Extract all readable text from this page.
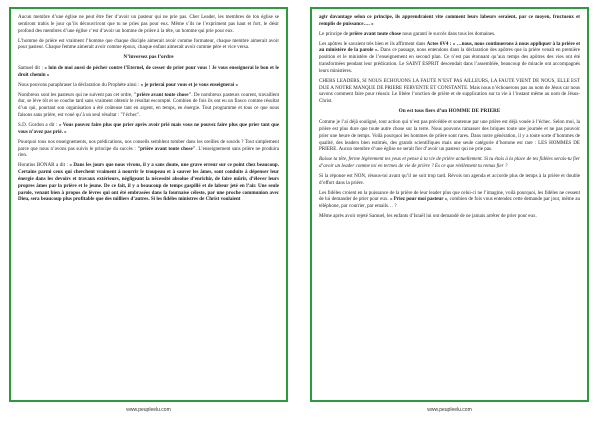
Aucun membre d’une église ne peut être fier d’avoir un pasteur qui ne prie pas. Cher Leader, les membres de ton église se sentiront trahis le jour qu’ils découvriront que tu ne pries pas pour eux. Même s’ils ne l’expriment pas haut et fort, le désir profond des membres d’une église c’est d’avoir un homme de prière à la tête, un homme qui prie pour eux.

L’homme de prière est vraiment l’homme que chaque disciple aimerait avoir comme formateur, chaque membre aimerait avoir pour pasteur. Chaque femme aimerait avoir comme époux, chaque enfant aimerait avoir comme père et vice versa.

N’inversez pas l’ordre

Samuel dit : « loin de moi aussi de pécher contre l’Eternel, de cesser de prier pour vous ! Je vous enseignerai le bon et le droit chemin »

Nous pouvons paraphraser la déclaration du Prophète ainsi : « je prierai pour vous et je vous enseignerai »

Nombreux sont les pasteurs qui ne suivent pas cet ordre, "prière avant toute chose". De nombreux pasteurs courent, travaillent dur, se lève tôt et se couche tard sans vraiment obtenir le résultat escompté. Combien de fois ils ont eu un fiasco comme résultat d’un qui, pourtant son organisation a été coûteuse tant en argent, en temps, en énergie. Tout programme et tous ce que nous faisons sans prière, est voué qu’à un seul résultat : "l’échec".

S.D. Gordon a dit : « Vous pouvez faire plus que prier après avoir prié mais vous ne pouvez faire plus que prier tant que vous n’avez pas prié. »

Pourquoi tous nos enseignements, nos prédications, nos conseils semblent tomber dans les oreilles de sourds ? Tout simplement parce que nous n’avons pas suivis le principe du succès : "prière avant toute chose". L’enseignement sans prière ne produira rien.

Horatius BONAR a dit : « Dans les jours que nous vivons, il y a sans doute, une grave erreur sur ce point chez beaucoup. Certains parmi ceux qui cherchent vraiment à nourrir le troupeau et à sauver les âmes, sont conduits à dépenser leur énergie dans les devoirs et travaux extérieurs, négligeant la nécessité absolue d’enrichir, de faire mûrir, d’élever leurs propres âmes par la prière et le jeune. De ce fait, il y a beaucoup de temps gaspillé et de labeur jeté en l’air. Une seule parole, venant bien à propos de lèvres qui ont été embrasées dans la fournaise céleste, par une proche communion avec Dieu, sera beaucoup plus profitable que des milliers d’autres. Si les fidèles ministres de Christ voulaient

agir davantage selon ce principe, ils apprendraient vite comment leurs labeurs seraient, par ce moyen, fructueux et remplis de puissance…. »

Le principe de prière avant toute chose nous garanti le succès dans tous les domaines.

Les apôtres le savaient très bien et ils affirment dans Actes 6V4 : « …nous, nous continuerons à nous appliquer à la prière et au ministère de la parole ». Dans ce passage, nous entendons dans la déclaration des apôtres que la prière venait en première position et le ministère de l’enseignement en second plan. Ce n’est pas étonnant qu’aux temps des apôtres des vies ont été transformées pendant leur prédication. Le SAINT ESPRIT descendait dans l’assemblée, beaucoup de miracle ont accompagnés leurs ministères.

CHERS LEADERS, SI NOUS ECHOUONS LA FAUTE N’EST PAS AILLEURS, LA FAUTE VIENT DE NOUS, ELLE EST DUE A NOTRE MANQUE DE PRIERE FERVENTE ET CONSTANTE. Mais nous n’échouerons pas au nom de Jésus car nous savons comment faire pour réussir. Le libère l’onction de prière et de supplication sur ta vie à l’instant même au nom de Jésus-Christ.

On est tous fiers d’un HOMME DE PRIERE

Comme je l’ai déjà souligné, tout action qui n’est pas précédée et soutenue par une prière est déjà vouée à l’échec. Selon moi, la prière est plus dure que toute autre chose sur la terre. Nous pouvons ramasser des briques toute une journée et ne pas pouvoir prier une heure de temps. Voilà pourquoi les hommes de prière sont rares. Dans notre génération, il y a toute sorte d’hommes de qualité, des leaders bien estimés, des grands scientifiques mais une seule catégorie d’homme est rare : LES HOMMES DE PRIERE. Aucun membre d’une église ne serait fier d’avoir un pasteur qui ne prie pas.

Baisse ta tête, ferme légèrement tes yeux et pense à ta vie de prière actuellement. Si tu étais à la place de tes fidèles serais-tu fier d’avoir un leader comme toi en termes de vie de prière ? Es ce que réellement tu remas fier ?

Si la réponse est NON, résous-toi avant qu’il ne soit trop tard. Révois ton agenda et accorde plus de temps à la prière et double d’effort dans la prière.

Les fidèles croient en la puissance de la prière de leur leader plus que celui-ci ne l’imagine, voilà pourquoi, les fidèles ne cessent de lui demander de prier pour eux. « Priez pour moi pasteur », combien de fois vous entendez cette demande par jour, même au téléphone, par courrier, par emails… ?

Même après avoir rejeté Samuel, les enfants d’Israël lui ont demandé de ne jamais arrêter de prier pour eux.

www.peupleelu.com	www.peupleelu.com
